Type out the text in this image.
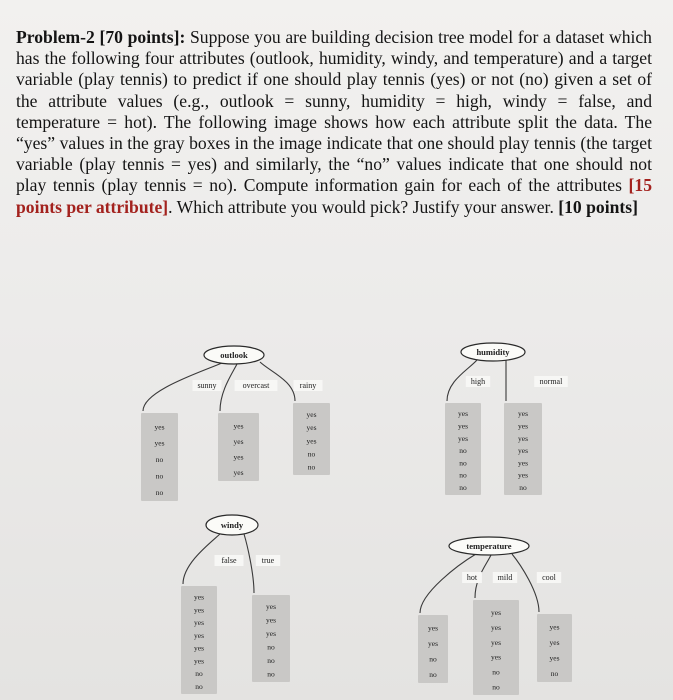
Problem-2 [70 points]: Suppose you are building decision tree model for a dataset which has the following four attributes (outlook, humidity, windy, and temperature) and a target variable (play tennis) to predict if one should play tennis (yes) or not (no) given a set of the attribute values (e.g., outlook = sunny, humidity = high, windy = false, and temperature = hot). The following image shows how each attribute split the data. The “yes” values in the gray boxes in the image indicate that one should play tennis (the target variable (play tennis = yes) and similarly, the “no” values indicate that one should not play tennis (play tennis = no). Compute information gain for each of the attributes [15 points per attribute]. Which attribute you would pick? Justify your answer. [10 points]

outlook
sunny
yes
yes
no
no
no
overcast
yes
yes
yes
yes
rainy
yes
yes
yes
no
no
humidity
high
yes
yes
yes
no
no
no
no
normal
yes
yes
yes
yes
yes
yes
no
windy
false
yes
yes
yes
yes
yes
yes
no
no
true
yes
yes
yes
no
no
no
temperature
hot
yes
yes
no
no
mild
yes
yes
yes
yes
no
no
cool
yes
yes
yes
no
